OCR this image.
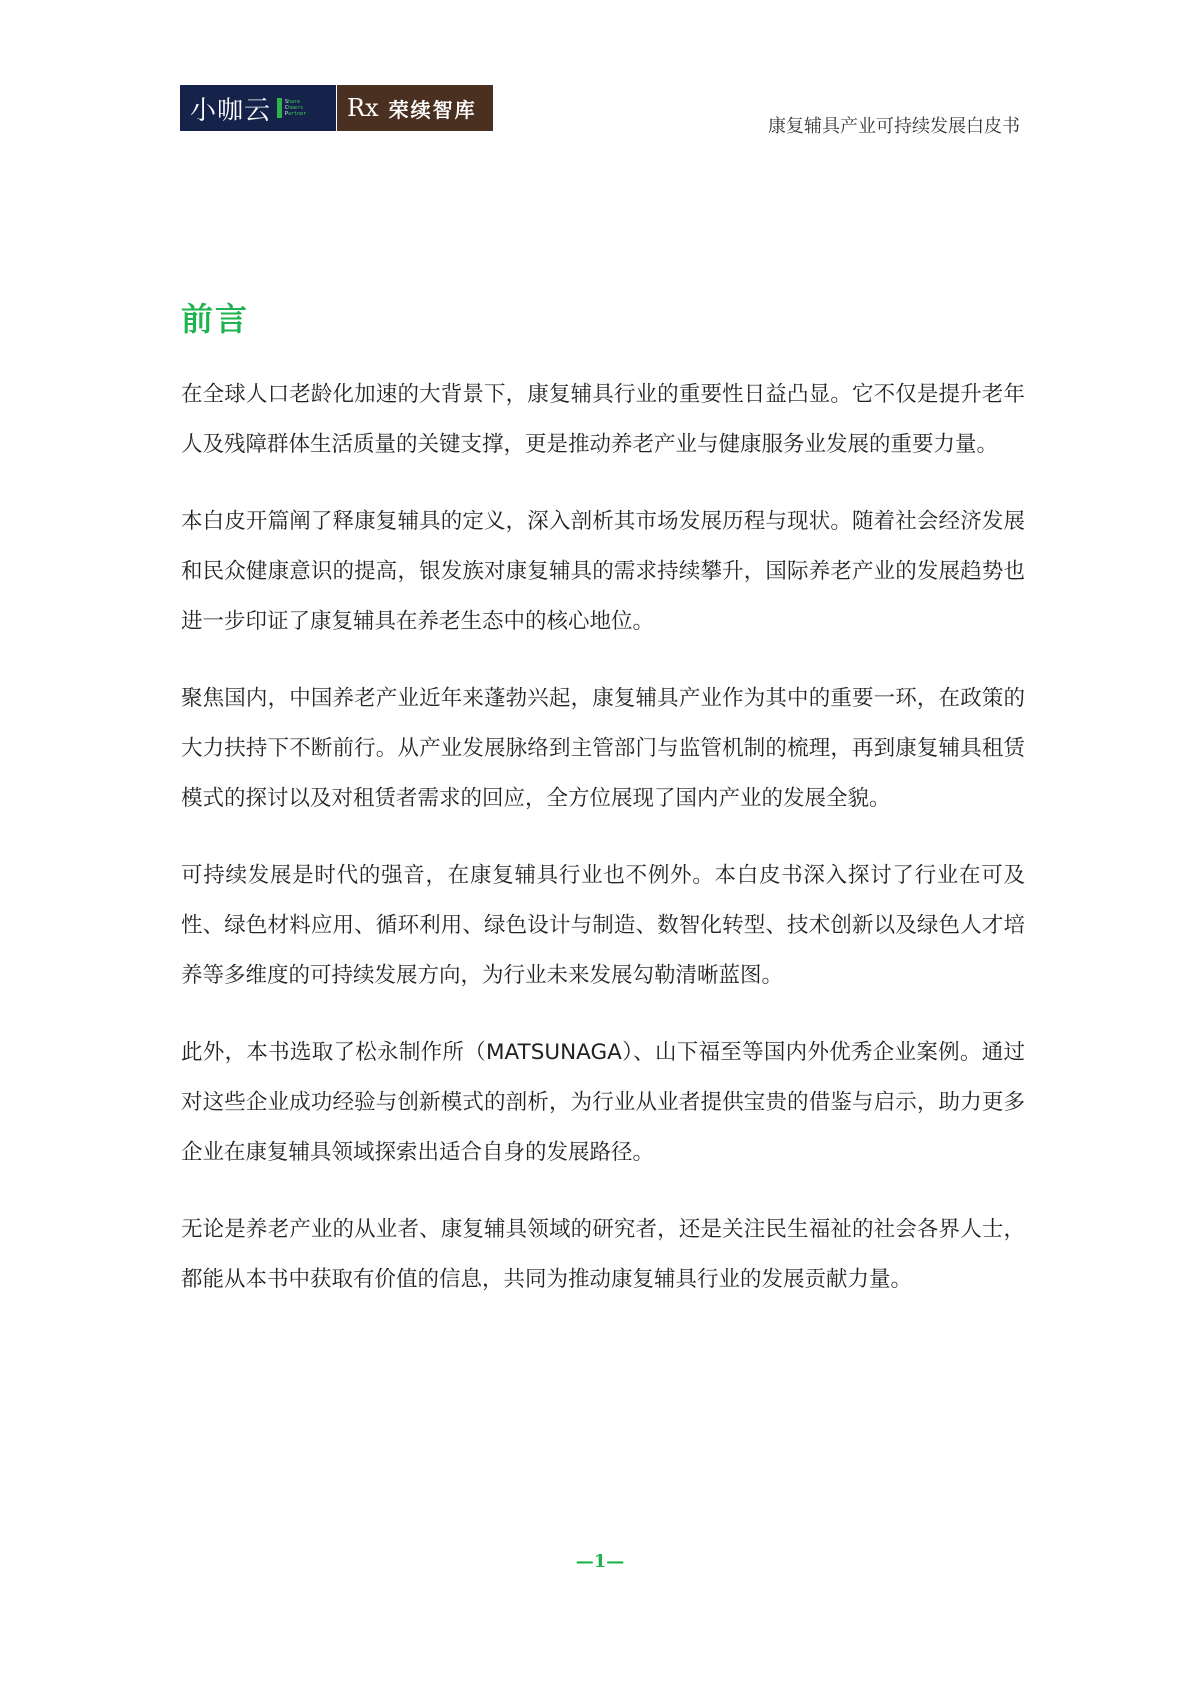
小咖云	Share
Cheers
Partner Rx 荣续智库
康复辅具产业可持续发展白皮书
前言

在全球人口老龄化加速的大背景下，康复辅具行业的重要性日益凸显。它不仅是提升老年人及残障群体生活质量的关键支撑，更是推动养老产业与健康服务业发展的重要力量。

本白皮开篇阐了释康复辅具的定义，深入剖析其市场发展历程与现状。随着社会经济发展和民众健康意识的提高，银发族对康复辅具的需求持续攀升，国际养老产业的发展趋势也进一步印证了康复辅具在养老生态中的核心地位。

聚焦国内，中国养老产业近年来蓬勃兴起，康复辅具产业作为其中的重要一环，在政策的大力扶持下不断前行。从产业发展脉络到主管部门与监管机制的梳理，再到康复辅具租赁模式的探讨以及对租赁者需求的回应，全方位展现了国内产业的发展全貌。

可持续发展是时代的强音，在康复辅具行业也不例外。本白皮书深入探讨了行业在可及性、绿色材料应用、循环利用、绿色设计与制造、数智化转型、技术创新以及绿色人才培养等多维度的可持续发展方向，为行业未来发展勾勒清晰蓝图。

此外，本书选取了松永制作所（MATSUNAGA）、山下福至等国内外优秀企业案例。通过对这些企业成功经验与创新模式的剖析，为行业从业者提供宝贵的借鉴与启示，助力更多企业在康复辅具领域探索出适合自身的发展路径。

无论是养老产业的从业者、康复辅具领域的研究者，还是关注民生福祉的社会各界人士，都能从本书中获取有价值的信息，共同为推动康复辅具行业的发展贡献力量。

—1—
